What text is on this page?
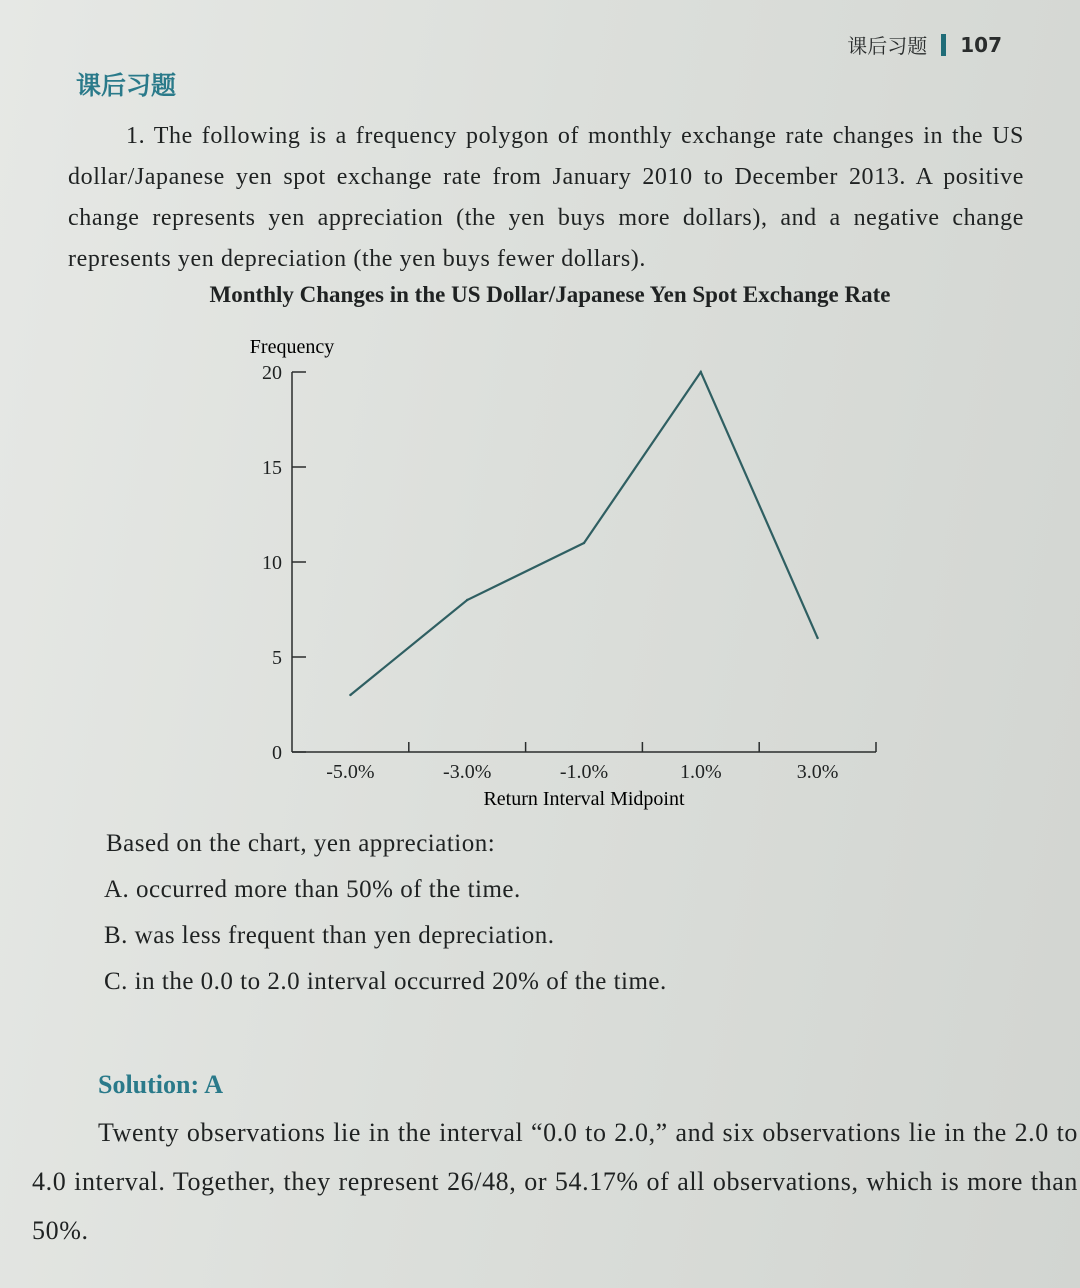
课后习题 107
课后习题
1. The following is a frequency polygon of monthly exchange rate changes in the US dollar/Japanese yen spot exchange rate from January 2010 to December 2013. A positive change represents yen appreciation (the yen buys more dollars), and a negative change represents yen depreciation (the yen buys fewer dollars).
Monthly Changes in the US Dollar/Japanese Yen Spot Exchange Rate
Frequency
0
5
10
15
20
-5.0%	-3.0%	-1.0%	1.0%	3.0%
Return Interval Midpoint
Based on the chart, yen appreciation:
A. occurred more than 50% of the time.
B. was less frequent than yen depreciation.
C. in the 0.0 to 2.0 interval occurred 20% of the time.
Solution: A
Twenty observations lie in the interval “0.0 to 2.0,” and six observations lie in the 2.0 to 4.0 interval. Together, they represent 26/48, or 54.17% of all observations, which is more than 50%.
